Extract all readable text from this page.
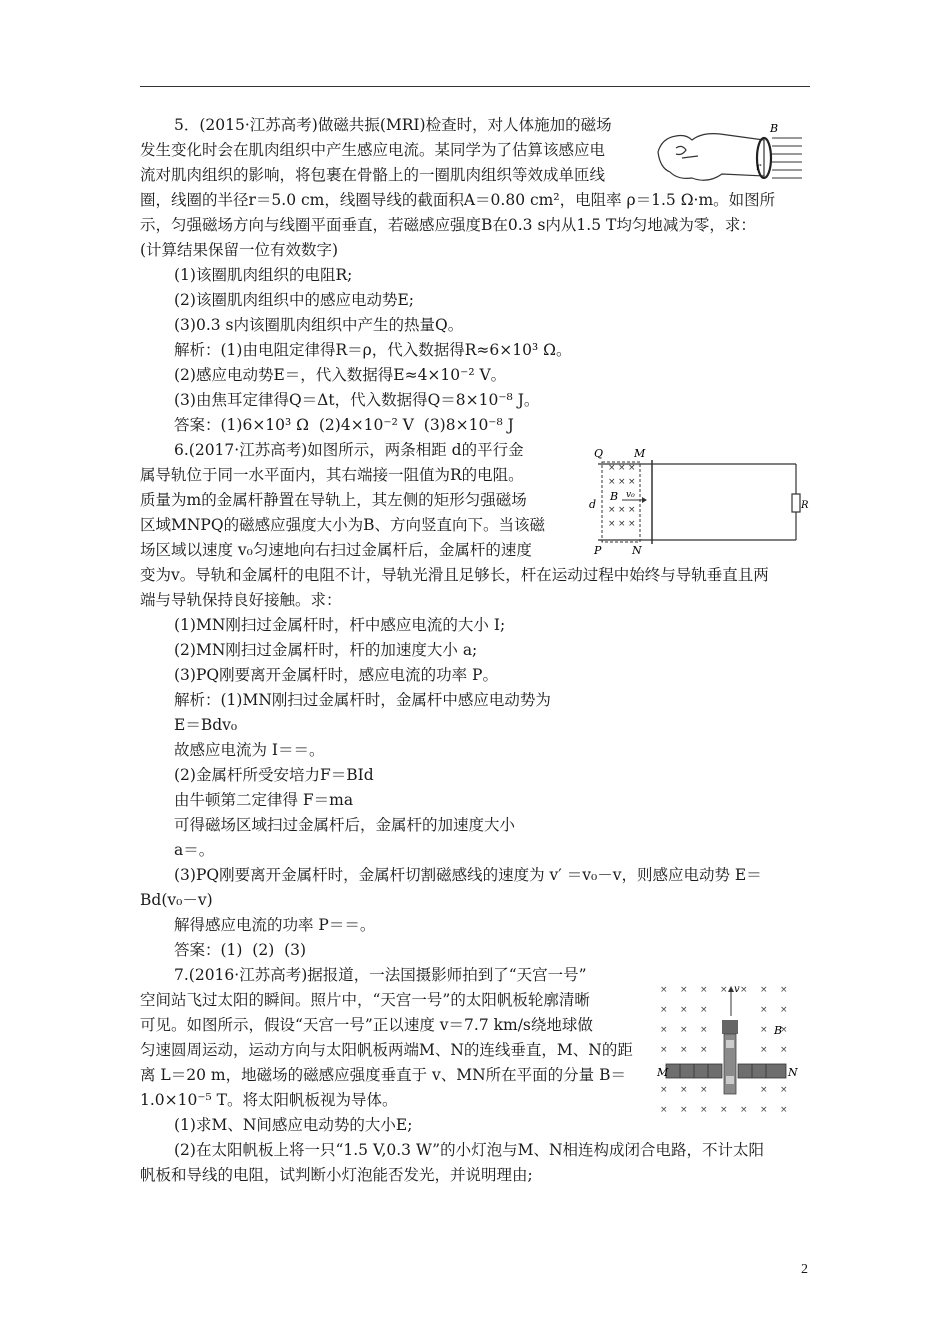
5．(2015·江苏高考)做磁共振(MRI)检查时，对人体施加的磁场
发生变化时会在肌肉组织中产生感应电流。某同学为了估算该感应电
流对肌肉组织的影响，将包裹在骨骼上的一圈肌肉组织等效成单匝线
圈，线圈的半径r＝5.0 cm，线圈导线的截面积A＝0.80 cm²，电阻率 ρ＝1.5 Ω·m。如图所
示，匀强磁场方向与线圈平面垂直，若磁感应强度B在0.3 s内从1.5 T均匀地减为零，求：
(计算结果保留一位有效数字)
(1)该圈肌肉组织的电阻R;
(2)该圈肌肉组织中的感应电动势E;
(3)0.3 s内该圈肌肉组织中产生的热量Q。
解析：(1)由电阻定律得R＝ρ，代入数据得R≈6×10³ Ω。
(2)感应电动势E＝，代入数据得E≈4×10⁻² V。
(3)由焦耳定律得Q＝Δt，代入数据得Q＝8×10⁻⁸ J。
答案：(1)6×10³ Ω  (2)4×10⁻² V  (3)8×10⁻⁸ J
6.(2017·江苏高考)如图所示，两条相距 d的平行金
属导轨位于同一水平面内，其右端接一阻值为R的电阻。
质量为m的金属杆静置在导轨上，其左侧的矩形匀强磁场
区域MNPQ的磁感应强度大小为B、方向竖直向下。当该磁
场区域以速度 v₀匀速地向右扫过金属杆后，金属杆的速度
变为v。导轨和金属杆的电阻不计，导轨光滑且足够长，杆在运动过程中始终与导轨垂直且两
端与导轨保持良好接触。求：
(1)MN刚扫过金属杆时，杆中感应电流的大小 I;
(2)MN刚扫过金属杆时，杆的加速度大小 a;
(3)PQ刚要离开金属杆时，感应电流的功率 P。
解析：(1)MN刚扫过金属杆时，金属杆中感应电动势为
E＝Bdv₀
故感应电流为 I＝＝。
(2)金属杆所受安培力F＝BId
由牛顿第二定律得 F＝ma
可得磁场区域扫过金属杆后，金属杆的加速度大小
a＝。
(3)PQ刚要离开金属杆时，金属杆切割磁感线的速度为 v′ ＝v₀－v，则感应电动势 E＝
Bd(v₀－v)
解得感应电流的功率 P＝＝。
答案：(1)  (2)  (3)
7.(2016·江苏高考)据报道，一法国摄影师拍到了“天宫一号”
空间站飞过太阳的瞬间。照片中，“天宫一号”的太阳帆板轮廓清晰
可见。如图所示，假设“天宫一号”正以速度 v＝7.7 km/s绕地球做
匀速圆周运动，运动方向与太阳帆板两端M、N的连线垂直，M、N的距
离 L＝20 m，地磁场的磁感应强度垂直于 v、MN所在平面的分量 B＝
1.0×10⁻⁵ T。将太阳帆板视为导体。
(1)求M、N间感应电动势的大小E;
(2)在太阳帆板上将一只“1.5 V,0.3 W”的小灯泡与M、N相连构成闭合电路，不计太阳
帆板和导线的电阻，试判断小灯泡能否发光，并说明理由;
B
r
×
×
×
×
×
×
×
×
×
×
×
×
Q	M
P	N
B
d
v₀
R
× × × × × × ×
× × ×	× ×
× × ×	× ×
× × ×	× ×
× × ×	× ×
× × × × × × ×
v
B
M	N
2
